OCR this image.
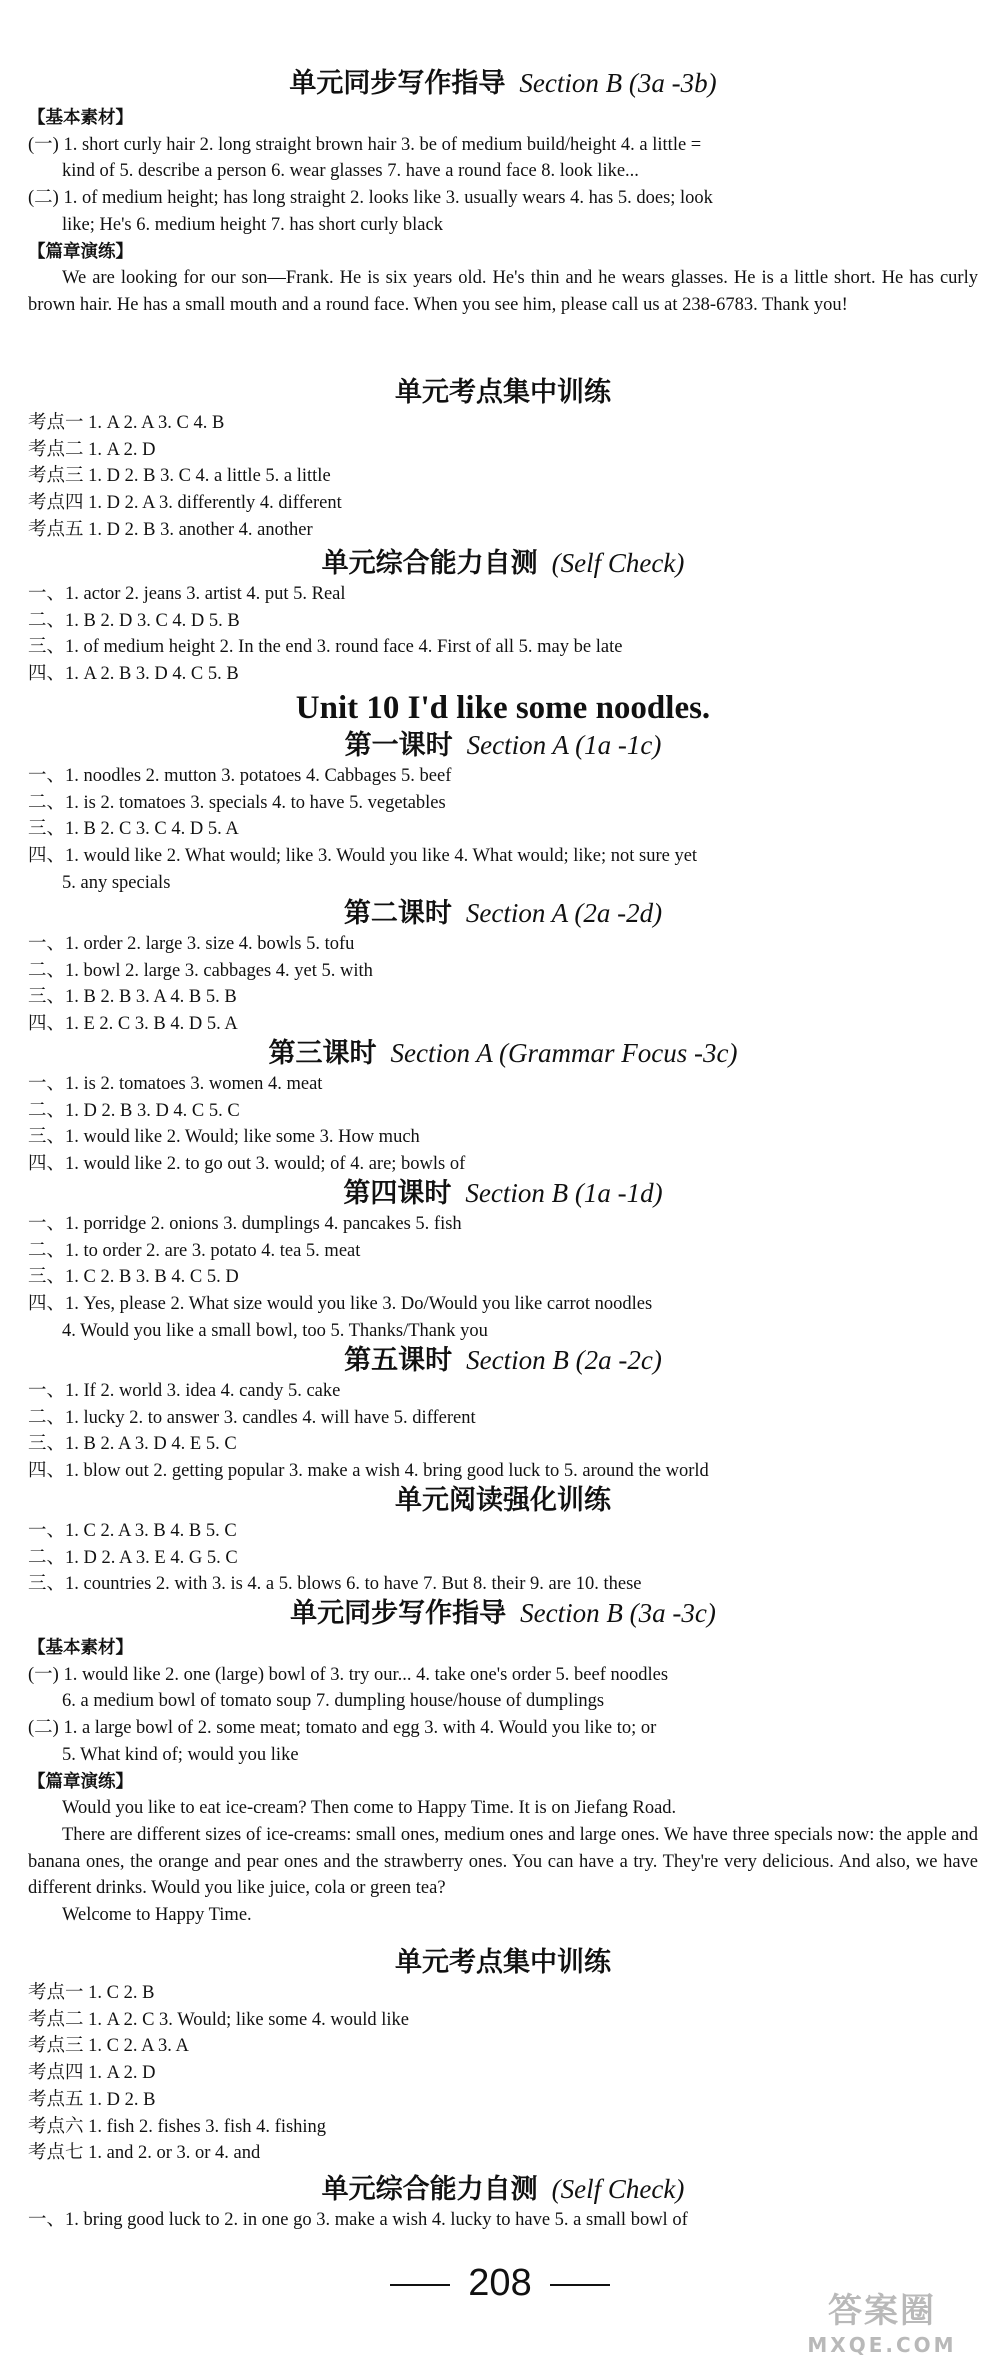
单元同步写作指导 Section B (3a -3b)
【基本素材】
(一) 1. short curly hair 2. long straight brown hair 3. be of medium build/height 4. a little =
kind of 5. describe a person 6. wear glasses 7. have a round face 8. look like...
(二) 1. of medium height; has long straight 2. looks like 3. usually wears 4. has 5. does; look
like; He's 6. medium height 7. has short curly black
【篇章演练】

We are looking for our son—Frank. He is six years old. He's thin and he wears glasses. He is a little short. He has curly brown hair. He has a small mouth and a round face. When you see him, please call us at 238-6783. Thank you!

单元考点集中训练
考点一 1. A 2. A 3. C 4. B
考点二 1. A 2. D
考点三 1. D 2. B 3. C 4. a little 5. a little
考点四 1. D 2. A 3. differently 4. different
考点五 1. D 2. B 3. another 4. another
单元综合能力自测 (Self Check)
一、1. actor 2. jeans 3. artist 4. put 5. Real
二、1. B 2. D 3. C 4. D 5. B
三、1. of medium height 2. In the end 3. round face 4. First of all 5. may be late
四、1. A 2. B 3. D 4. C 5. B
Unit 10 I'd like some noodles.
第一课时 Section A (1a -1c)
一、1. noodles 2. mutton 3. potatoes 4. Cabbages 5. beef
二、1. is 2. tomatoes 3. specials 4. to have 5. vegetables
三、1. B 2. C 3. C 4. D 5. A
四、1. would like 2. What would; like 3. Would you like 4. What would; like; not sure yet
5. any specials
第二课时 Section A (2a -2d)
一、1. order 2. large 3. size 4. bowls 5. tofu
二、1. bowl 2. large 3. cabbages 4. yet 5. with
三、1. B 2. B 3. A 4. B 5. B
四、1. E 2. C 3. B 4. D 5. A
第三课时 Section A (Grammar Focus -3c)
一、1. is 2. tomatoes 3. women 4. meat
二、1. D 2. B 3. D 4. C 5. C
三、1. would like 2. Would; like some 3. How much
四、1. would like 2. to go out 3. would; of 4. are; bowls of
第四课时 Section B (1a -1d)
一、1. porridge 2. onions 3. dumplings 4. pancakes 5. fish
二、1. to order 2. are 3. potato 4. tea 5. meat
三、1. C 2. B 3. B 4. C 5. D
四、1. Yes, please 2. What size would you like 3. Do/Would you like carrot noodles
4. Would you like a small bowl, too 5. Thanks/Thank you
第五课时 Section B (2a -2c)
一、1. If 2. world 3. idea 4. candy 5. cake
二、1. lucky 2. to answer 3. candles 4. will have 5. different
三、1. B 2. A 3. D 4. E 5. C
四、1. blow out 2. getting popular 3. make a wish 4. bring good luck to 5. around the world
单元阅读强化训练
一、1. C 2. A 3. B 4. B 5. C
二、1. D 2. A 3. E 4. G 5. C
三、1. countries 2. with 3. is 4. a 5. blows 6. to have 7. But 8. their 9. are 10. these
单元同步写作指导 Section B (3a -3c)
【基本素材】
(一) 1. would like 2. one (large) bowl of 3. try our... 4. take one's order 5. beef noodles
6. a medium bowl of tomato soup 7. dumpling house/house of dumplings
(二) 1. a large bowl of 2. some meat; tomato and egg 3. with 4. Would you like to; or
5. What kind of; would you like
【篇章演练】

Would you like to eat ice-cream? Then come to Happy Time. It is on Jiefang Road.

There are different sizes of ice-creams: small ones, medium ones and large ones. We have three specials now: the apple and banana ones, the orange and pear ones and the strawberry ones. You can have a try. They're very delicious. And also, we have different drinks. Would you like juice, cola or green tea?

Welcome to Happy Time.

单元考点集中训练
考点一 1. C 2. B
考点二 1. A 2. C 3. Would; like some 4. would like
考点三 1. C 2. A 3. A
考点四 1. A 2. D
考点五 1. D 2. B
考点六 1. fish 2. fishes 3. fish 4. fishing
考点七 1. and 2. or 3. or 4. and
单元综合能力自测 (Self Check)
一、1. bring good luck to 2. in one go 3. make a wish 4. lucky to have 5. a small bowl of
208
答案圈
MXQE.COM
